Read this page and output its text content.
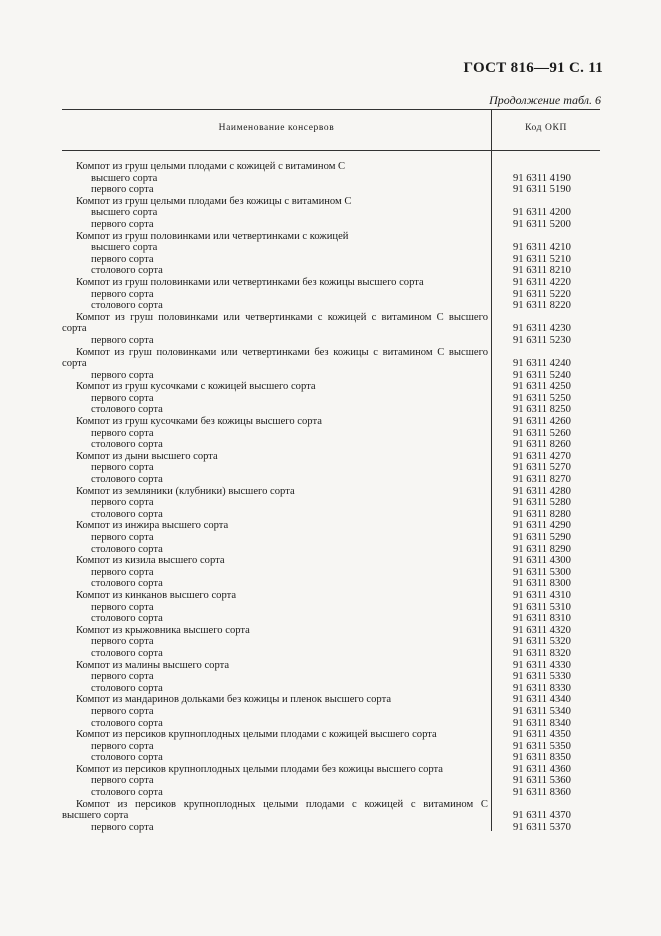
ГОСТ 816—91 С. 11
Продолжение табл. 6
Наименование консервов	Код ОКП
Компот из груш целыми плодами с кожицей с витамином С
высшего сорта	91 6311 4190
первого сорта	91 6311 5190
Компот из груш целыми плодами без кожицы с витамином С
высшего сорта	91 6311 4200
первого сорта	91 6311 5200
Компот из груш половинками или четвертинками с кожицей
высшего сорта	91 6311 4210
первого сорта	91 6311 5210
столового сорта	91 6311 8210
Компот из груш половинками или четвертинками без кожицы высшего сорта	91 6311 4220
первого сорта	91 6311 5220
столового сорта	91 6311 8220
Компот из груш половинками или четвертинками с кожицей с витамином С высшего
сорта	91 6311 4230
первого сорта	91 6311 5230
Компот из груш половинками или четвертинками без кожицы с витамином С высшего
сорта	91 6311 4240
первого сорта	91 6311 5240
Компот из груш кусочками с кожицей высшего сорта	91 6311 4250
первого сорта	91 6311 5250
столового сорта	91 6311 8250
Компот из груш кусочками без кожицы высшего сорта	91 6311 4260
первого сорта	91 6311 5260
столового сорта	91 6311 8260
Компот из дыни высшего сорта	91 6311 4270
первого сорта	91 6311 5270
столового сорта	91 6311 8270
Компот из земляники (клубники) высшего сорта	91 6311 4280
первого сорта	91 6311 5280
столового сорта	91 6311 8280
Компот из инжира высшего сорта	91 6311 4290
первого сорта	91 6311 5290
столового сорта	91 6311 8290
Компот из кизила высшего сорта	91 6311 4300
первого сорта	91 6311 5300
столового сорта	91 6311 8300
Компот из кинканов высшего сорта	91 6311 4310
первого сорта	91 6311 5310
столового сорта	91 6311 8310
Компот из крыжовника высшего сорта	91 6311 4320
первого сорта	91 6311 5320
столового сорта	91 6311 8320
Компот из малины высшего сорта	91 6311 4330
первого сорта	91 6311 5330
столового сорта	91 6311 8330
Компот из мандаринов дольками без кожицы и пленок высшего сорта	91 6311 4340
первого сорта	91 6311 5340
столового сорта	91 6311 8340
Компот из персиков крупноплодных целыми плодами с кожицей высшего сорта	91 6311 4350
первого сорта	91 6311 5350
столового сорта	91 6311 8350
Компот из персиков крупноплодных целыми плодами без кожицы высшего сорта	91 6311 4360
первого сорта	91 6311 5360
столового сорта	91 6311 8360
Компот из персиков крупноплодных целыми плодами с кожицей с витамином С
высшего сорта	91 6311 4370
первого сорта	91 6311 5370
